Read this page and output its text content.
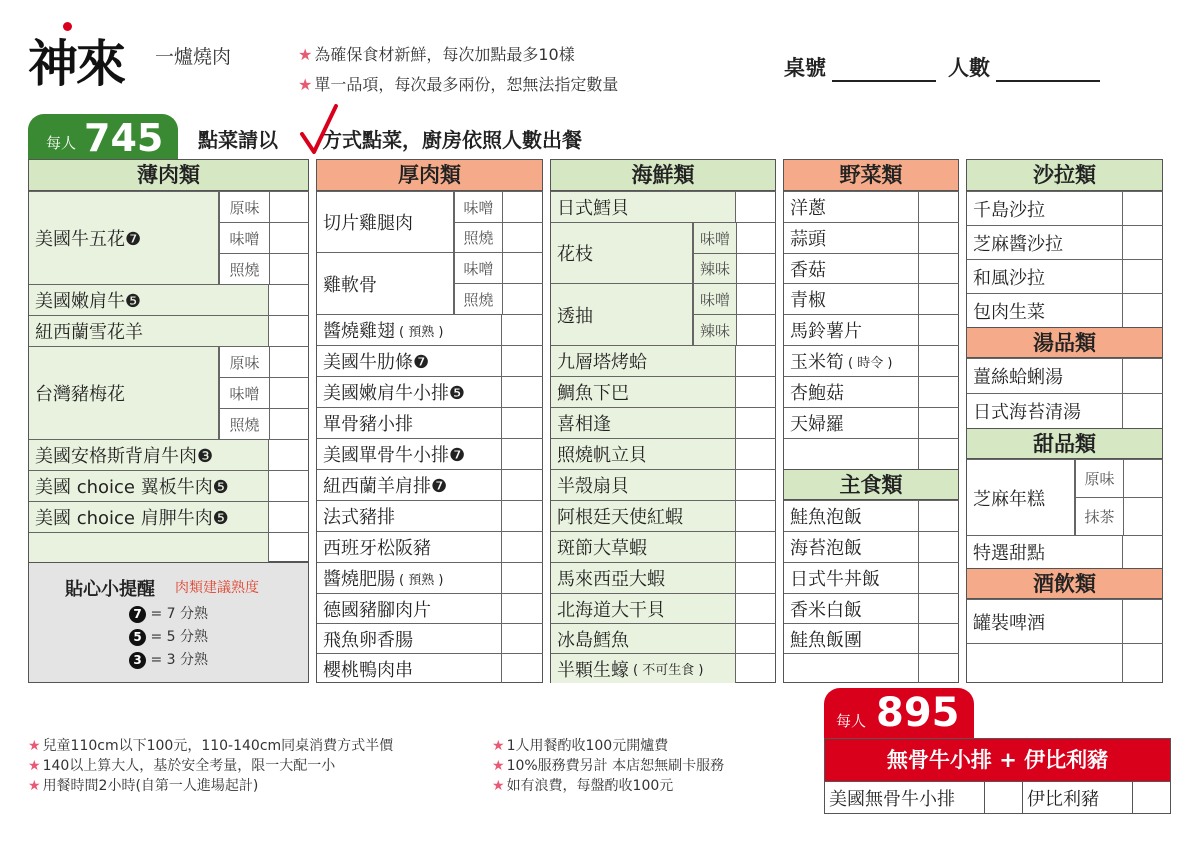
神來 一爐燒肉	★ 為確保食材新鮮，每次加點最多10樣
★ 單一品項，每次最多兩份，恕無法指定數量
桌號	人數
每人 745 點菜請以 方式點菜，廚房依照人數出餐
薄肉類
美國牛五花❼
原味
味噌
照燒
美國嫩肩牛❺
紐西蘭雪花羊
台灣豬梅花
原味
味噌
照燒
美國安格斯背肩牛肉❸
美國 choice 翼板牛肉❺
美國 choice 肩胛牛肉❺
貼心小提醒 肉類建議熟度
7 = 7 分熟
5 = 5 分熟
3 = 3 分熟
厚肉類
切片雞腿肉
味噌
照燒
雞軟骨
味噌
照燒
醬燒雞翅 ( 預熟 )
美國牛肋條❼
美國嫩肩牛小排❺
單骨豬小排
美國單骨牛小排❼
紐西蘭羊肩排❼
法式豬排
西班牙松阪豬
醬燒肥腸 ( 預熟 )
德國豬腳肉片
飛魚卵香腸
櫻桃鴨肉串
海鮮類
日式鱈貝
花枝
味噌
辣味
透抽
味噌
辣味
九層塔烤蛤
鯛魚下巴
喜相逢
照燒帆立貝
半殼扇貝
阿根廷天使紅蝦
斑節大草蝦
馬來西亞大蝦
北海道大干貝
冰島鱈魚
半顆生蠔 ( 不可生食 )
野菜類
洋蔥
蒜頭
香菇
青椒
馬鈴薯片
玉米筍 ( 時令 )
杏鮑菇
天婦羅
主食類
鮭魚泡飯
海苔泡飯
日式牛丼飯
香米白飯
鮭魚飯團
沙拉類
千島沙拉
芝麻醬沙拉
和風沙拉
包肉生菜
湯品類
薑絲蛤蜊湯
日式海苔清湯
甜品類
芝麻年糕
原味
抹茶
特選甜點
酒飲類
罐裝啤酒
★ 兒童110cm以下100元，110-140cm同桌消費方式半價
★ 140以上算大人，基於安全考量，限一大配一小
★ 用餐時間2小時(自第一人進場起計)
★ 1人用餐酌收100元開爐費
★ 10%服務費另計 本店恕無刷卡服務
★ 如有浪費，每盤酌收100元
每人 895
無骨牛小排 + 伊比利豬
美國無骨牛小排	伊比利豬
